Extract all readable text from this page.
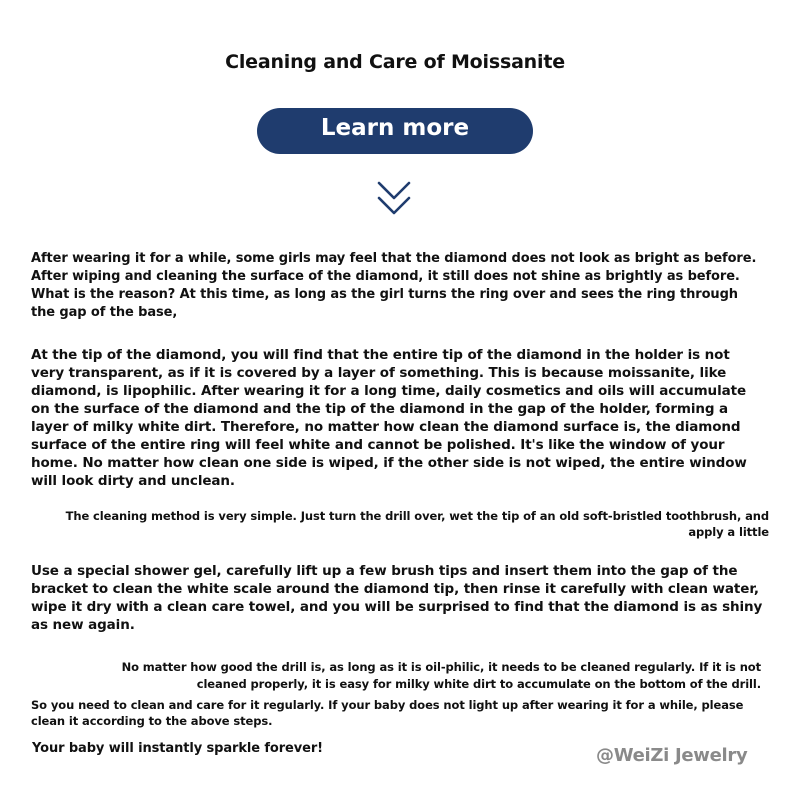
Cleaning and Care of Moissanite
Learn more

After wearing it for a while, some girls may feel that the diamond does not look as bright as before. After wiping and cleaning the surface of the diamond, it still does not shine as brightly as before. What is the reason? At this time, as long as the girl turns the ring over and sees the ring through the gap of the base,

At the tip of the diamond, you will find that the entire tip of the diamond in the holder is not very transparent, as if it is covered by a layer of something. This is because moissanite, like diamond, is lipophilic. After wearing it for a long time, daily cosmetics and oils will accumulate on the surface of the diamond and the tip of the diamond in the gap of the holder, forming a layer of milky white dirt. Therefore, no matter how clean the diamond surface is, the diamond surface of the entire ring will feel white and cannot be polished. It's like the window of your home. No matter how clean one side is wiped, if the other side is not wiped, the entire window will look dirty and unclean.

The cleaning method is very simple. Just turn the drill over, wet the tip of an old soft-bristled toothbrush, and apply a little

Use a special shower gel, carefully lift up a few brush tips and insert them into the gap of the bracket to clean the white scale around the diamond tip, then rinse it carefully with clean water, wipe it dry with a clean care towel, and you will be surprised to find that the diamond is as shiny as new again.

No matter how good the drill is, as long as it is oil-philic, it needs to be cleaned regularly. If it is not cleaned properly, it is easy for milky white dirt to accumulate on the bottom of the drill.

So you need to clean and care for it regularly. If your baby does not light up after wearing it for a while, please clean it according to the above steps.

Your baby will instantly sparkle forever!	@WeiZi Jewelry
